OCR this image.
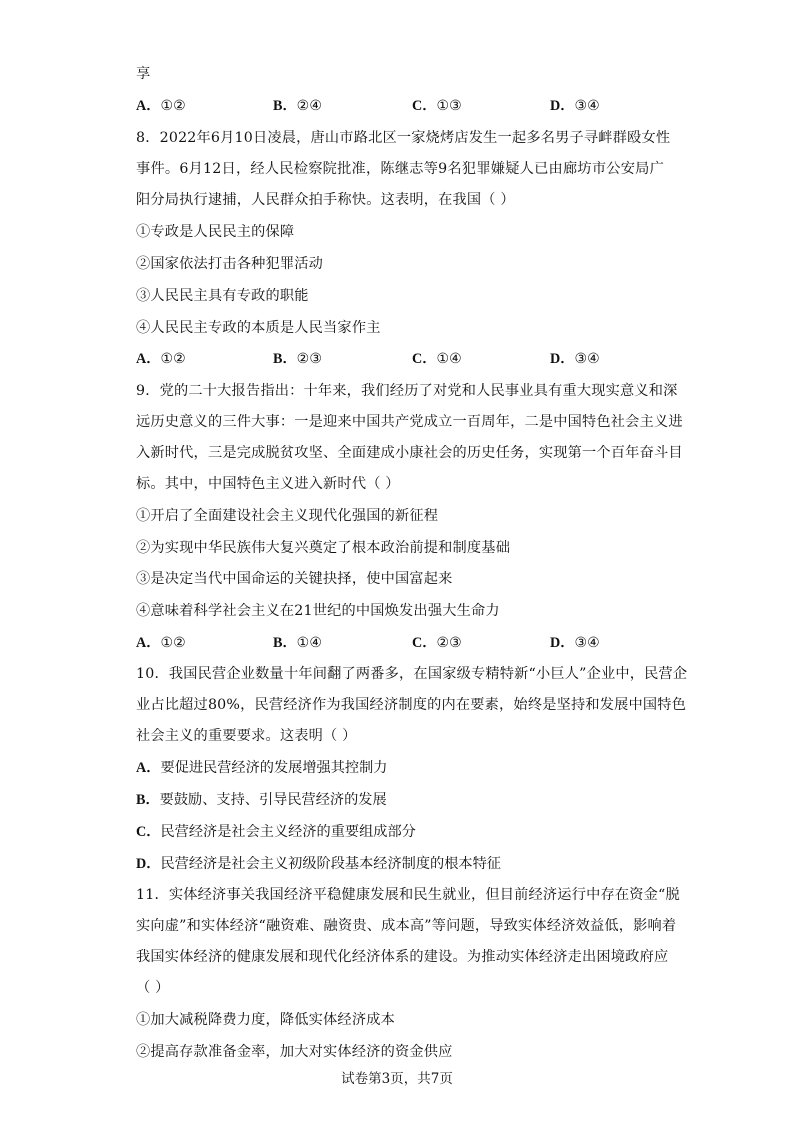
享
A．①②	B．②④	C．①③	D．③④
8．2022年6月10日凌晨，唐山市路北区一家烧烤店发生一起多名男子寻衅群殴女性
事件。6月12日，经人民检察院批准，陈继志等9名犯罪嫌疑人已由廊坊市公安局广
阳分局执行逮捕，人民群众拍手称快。这表明，在我国（ ）
①专政是人民民主的保障
②国家依法打击各种犯罪活动
③人民民主具有专政的职能
④人民民主专政的本质是人民当家作主
A．①②	B．②③	C．①④	D．③④
9．党的二十大报告指出：十年来，我们经历了对党和人民事业具有重大现实意义和深
远历史意义的三件大事：一是迎来中国共产党成立一百周年，二是中国特色社会主义进
入新时代，三是完成脱贫攻坚、全面建成小康社会的历史任务，实现第一个百年奋斗目
标。其中，中国特色主义进入新时代（ ）
①开启了全面建设社会主义现代化强国的新征程
②为实现中华民族伟大复兴奠定了根本政治前提和制度基础
③是决定当代中国命运的关键抉择，使中国富起来
④意味着科学社会主义在21世纪的中国焕发出强大生命力
A．①②	B．①④	C．②③	D．③④
10．我国民营企业数量十年间翻了两番多，在国家级专精特新“小巨人”企业中，民营企
业占比超过80%，民营经济作为我国经济制度的内在要素，始终是坚持和发展中国特色
社会主义的重要要求。这表明（ ）
A．要促进民营经济的发展增强其控制力
B．要鼓励、支持、引导民营经济的发展
C．民营经济是社会主义经济的重要组成部分
D．民营经济是社会主义初级阶段基本经济制度的根本特征
11．实体经济事关我国经济平稳健康发展和民生就业，但目前经济运行中存在资金“脱
实向虚”和实体经济“融资难、融资贵、成本高”等问题，导致实体经济效益低，影响着
我国实体经济的健康发展和现代化经济体系的建设。为推动实体经济走出困境政府应
（ ）
①加大减税降费力度，降低实体经济成本
②提高存款准备金率，加大对实体经济的资金供应
试卷第3页，共7页
